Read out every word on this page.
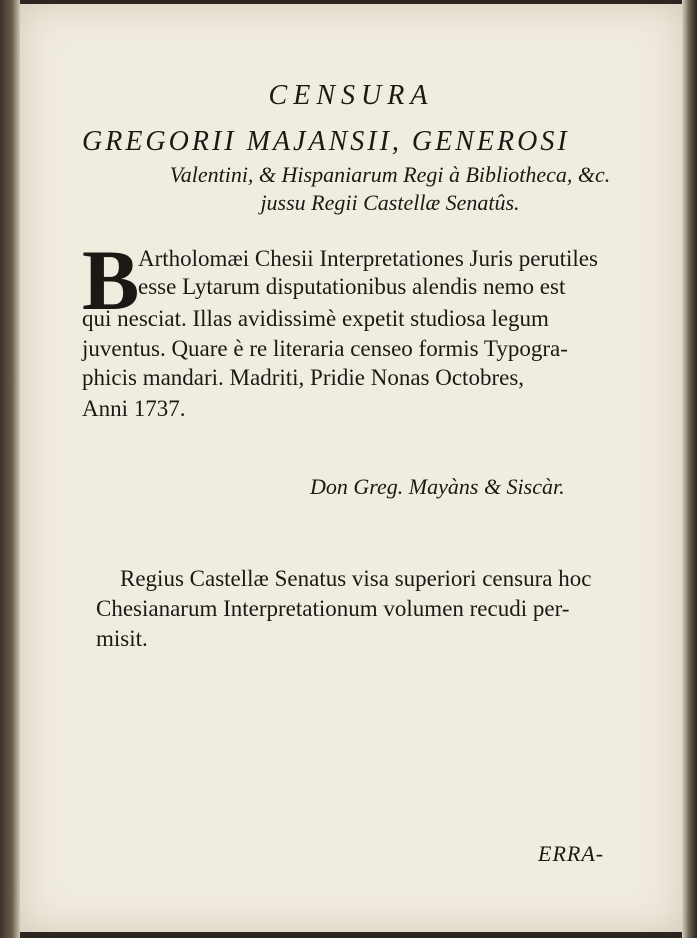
CENSURA
GREGORII MAJANSII, GENEROSI
Valentini, & Hispaniarum Regi à Bibliotheca, &c.
jussu Regii Castellæ Senatûs.
B
Artholomæi Chesii Interpretationes Juris perutiles
esse Lytarum disputationibus alendis nemo est
qui nesciat. Illas avidissimè expetit studiosa legum
juventus. Quare è re literaria censeo formis Typogra-
phicis mandari. Madriti, Pridie Nonas Octobres,
Anni 1737.
Don Greg. Mayàns & Siscàr.
Regius Castellæ Senatus visa superiori censura hoc
Chesianarum Interpretationum volumen recudi per-
misit.
ERRA-
